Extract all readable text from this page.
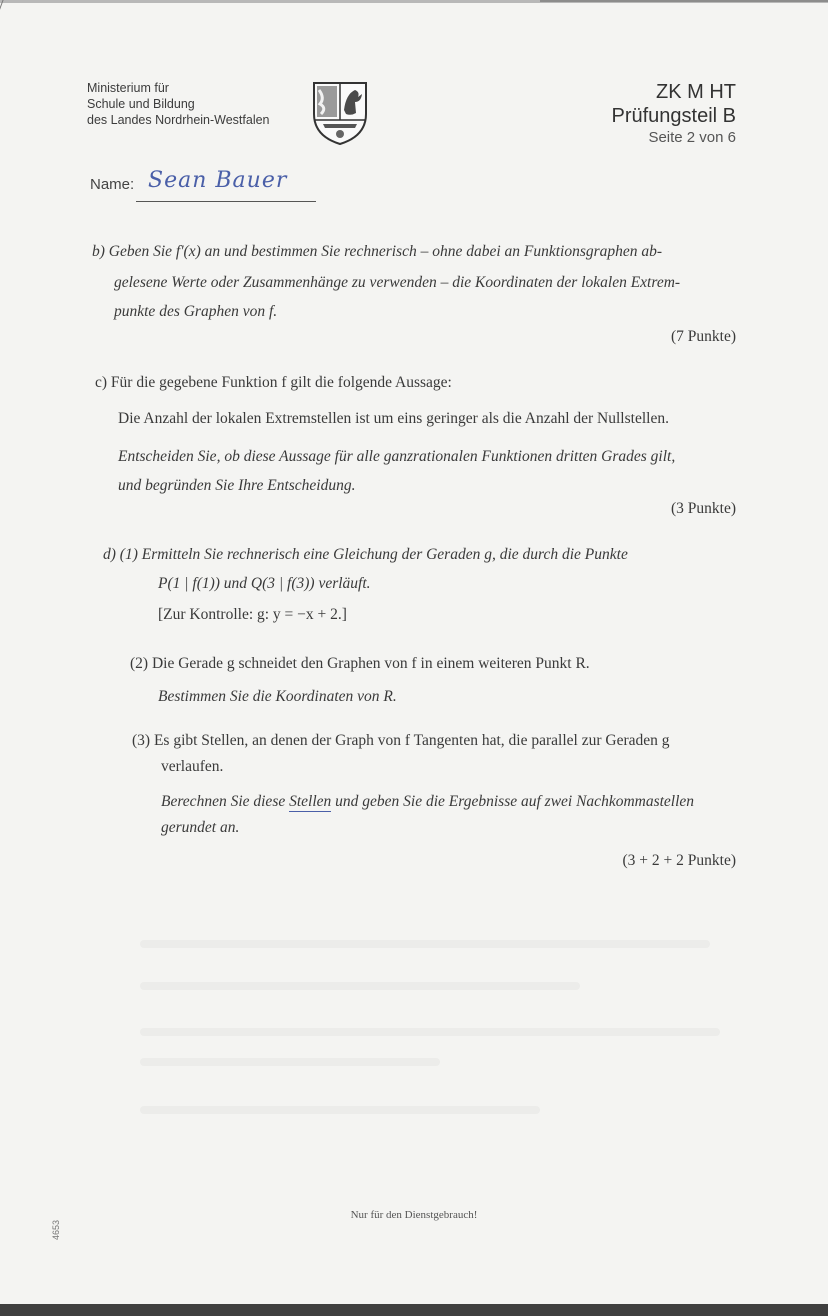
Ministerium für
Schule und Bildung
des Landes Nordrhein-Westfalen
ZK M HT
Prüfungsteil B
Seite 2 von 6
Name: Sean Bauer
b) Geben Sie f'(x) an und bestimmen Sie rechnerisch – ohne dabei an Funktionsgraphen ab-
gelesene Werte oder Zusammenhänge zu verwenden – die Koordinaten der lokalen Extrem-
punkte des Graphen von f.
(7 Punkte)
c) Für die gegebene Funktion f gilt die folgende Aussage:
Die Anzahl der lokalen Extremstellen ist um eins geringer als die Anzahl der Nullstellen.
Entscheiden Sie, ob diese Aussage für alle ganzrationalen Funktionen dritten Grades gilt,
und begründen Sie Ihre Entscheidung.
(3 Punkte)
d) (1) Ermitteln Sie rechnerisch eine Gleichung der Geraden g, die durch die Punkte
P(1 | f(1)) und Q(3 | f(3)) verläuft.
[Zur Kontrolle: g: y = −x + 2.]
(2) Die Gerade g schneidet den Graphen von f in einem weiteren Punkt R.
Bestimmen Sie die Koordinaten von R.
(3) Es gibt Stellen, an denen der Graph von f Tangenten hat, die parallel zur Geraden g
verlaufen.
Berechnen Sie diese Stellen und geben Sie die Ergebnisse auf zwei Nachkommastellen
gerundet an.
(3 + 2 + 2 Punkte)
Nur für den Dienstgebrauch!
4653
